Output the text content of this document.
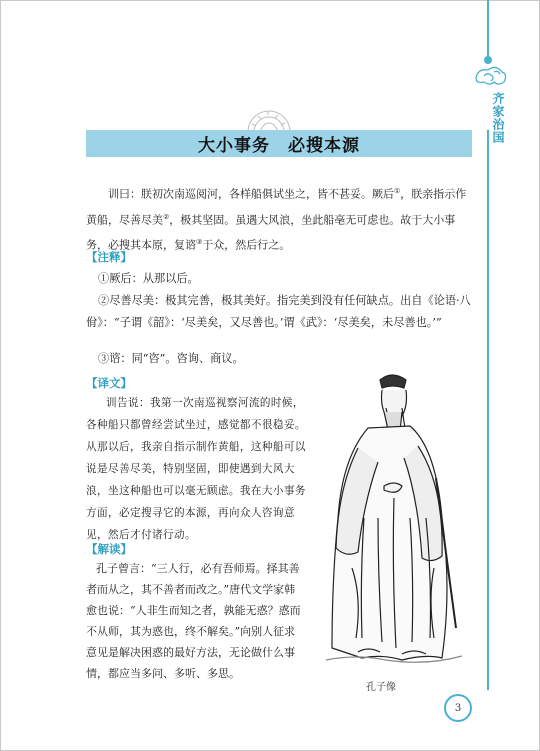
齐家治国
大小事务　必搜本源
训曰：朕初次南巡阅河，各样船俱试坐之，皆不甚妥。厥后①，朕亲指示作黄船，尽善尽美②，极其坚固。虽遇大风浪，坐此船亳无可虑也。故于大小事务，必搜其本原，复谘③于众，然后行之。
【注释】
①厥后：从那以后。
②尽善尽美：极其完善，极其美好。指完美到没有任何缺点。出自《论语·八佾》：“子谓《韶》：‘尽美矣，又尽善也。’谓《武》：‘尽美矣，未尽善也。’”
③谘：同“咨”。咨询、商议。
【译文】
训告说：我第一次南巡视察河流的时候，各种船只都曾经尝试坐过，感觉都不很稳妥。从那以后，我亲自指示制作黄船，这种船可以说是尽善尽美，特别坚固，即使遇到大风大浪，坐这种船也可以毫无顾虑。我在大小事务方面，必定搜寻它的本源，再向众人咨询意见，然后才付诸行动。
【解读】
孔子曾言：“三人行，必有吾师焉。择其善者而从之，其不善者而改之。”唐代文学家韩愈也说：“人非生而知之者，孰能无惑？惑而不从师，其为惑也，终不解矣。”向别人征求意见是解决困惑的最好方法，无论做什么事情，都应当多问、多听、多思。
孔子像
3
